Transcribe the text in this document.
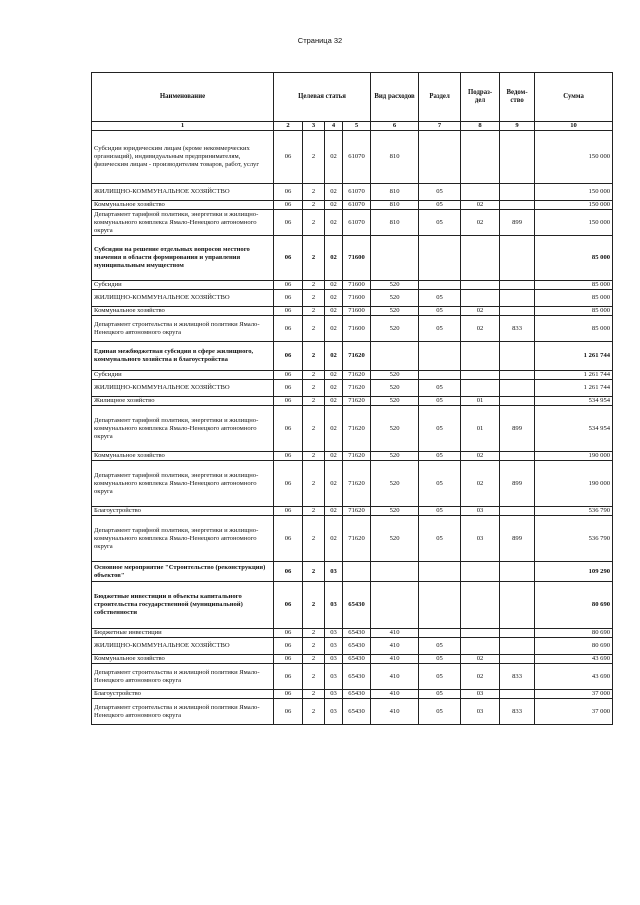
Страница 32
Наименование	Целевая статья				Вид расходов	Раздел	Подраз-дел	Ведом-ство	Сумма
1	2	3	4	5	6	7	8	9	10
Субсидии юридическим лицам (кроме некоммерческих организаций), индивидуальным предпринимателям, физическим лицам - производителям товаров, работ, услуг	06	2	02	61070	810				150 000
ЖИЛИЩНО-КОММУНАЛЬНОЕ ХОЗЯЙСТВО	06	2	02	61070	810	05			150 000
Коммунальное хозяйство	06	2	02	61070	810	05	02		150 000
Департамент тарифной политики, энергетики и жилищно-коммунального комплекса Ямало-Ненецкого автономного округа	06	2	02	61070	810	05	02	899	150 000
Субсидии на решение отдельных вопросов местного значения в области формирования и управления муниципальным имуществом	06	2	02	71600					85 000
Субсидии	06	2	02	71600	520				85 000
ЖИЛИЩНО-КОММУНАЛЬНОЕ ХОЗЯЙСТВО	06	2	02	71600	520	05			85 000
Коммунальное хозяйство	06	2	02	71600	520	05	02		85 000
Департамент строительства и жилищной политики Ямало-Ненецкого автономного округа	06	2	02	71600	520	05	02	833	85 000
Единая межбюджетная субсидия в сфере жилищного, коммунального хозяйства и благоустройства	06	2	02	71620					1 261 744
Субсидии	06	2	02	71620	520				1 261 744
ЖИЛИЩНО-КОММУНАЛЬНОЕ ХОЗЯЙСТВО	06	2	02	71620	520	05			1 261 744
Жилищное хозяйство	06	2	02	71620	520	05	01		534 954
Департамент тарифной политики, энергетики и жилищно-коммунального комплекса Ямало-Ненецкого автономного округа	06	2	02	71620	520	05	01	899	534 954
Коммунальное хозяйство	06	2	02	71620	520	05	02		190 000
Департамент тарифной политики, энергетики и жилищно-коммунального комплекса Ямало-Ненецкого автономного округа	06	2	02	71620	520	05	02	899	190 000
Благоустройство	06	2	02	71620	520	05	03		536 790
Департамент тарифной политики, энергетики и жилищно-коммунального комплекса Ямало-Ненецкого автономного округа	06	2	02	71620	520	05	03	899	536 790
Основное мероприятие "Строительство (реконструкция) объектов"	06	2	03						109 290
Бюджетные инвестиции в объекты капитального строительства государственной (муниципальной) собственности	06	2	03	65430					80 690
Бюджетные инвестиции	06	2	03	65430	410				80 690
ЖИЛИЩНО-КОММУНАЛЬНОЕ ХОЗЯЙСТВО	06	2	03	65430	410	05			80 690
Коммунальное хозяйство	06	2	03	65430	410	05	02		43 690
Департамент строительства и жилищной политики Ямало-Ненецкого автономного округа	06	2	03	65430	410	05	02	833	43 690
Благоустройство	06	2	03	65430	410	05	03		37 000
Департамент строительства и жилищной политики Ямало-Ненецкого автономного округа	06	2	03	65430	410	05	03	833	37 000
